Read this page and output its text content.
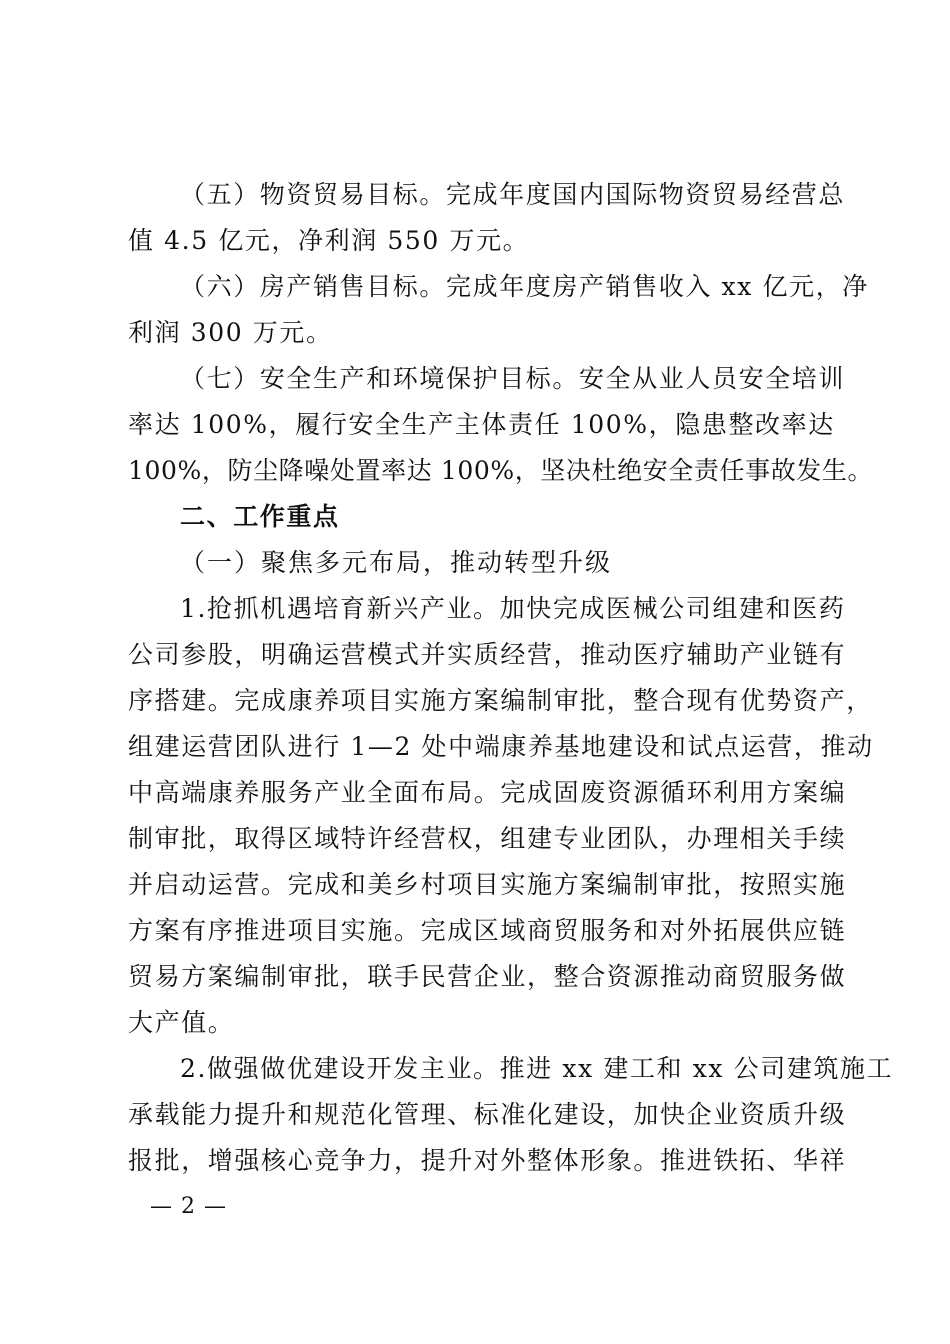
（五）物资贸易目标。完成年度国内国际物资贸易经营总
值 4.5 亿元，净利润 550 万元。
（六）房产销售目标。完成年度房产销售收入 xx 亿元，净
利润 300 万元。
（七）安全生产和环境保护目标。安全从业人员安全培训
率达 100%，履行安全生产主体责任 100%，隐患整改率达
100%，防尘降噪处置率达 100%，坚决杜绝安全责任事故发生。
二、工作重点
（一）聚焦多元布局，推动转型升级
1.抢抓机遇培育新兴产业。加快完成医械公司组建和医药
公司参股，明确运营模式并实质经营，推动医疗辅助产业链有
序搭建。完成康养项目实施方案编制审批，整合现有优势资产，
组建运营团队进行 1—2 处中端康养基地建设和试点运营，推动
中高端康养服务产业全面布局。完成固废资源循环利用方案编
制审批，取得区域特许经营权，组建专业团队，办理相关手续
并启动运营。完成和美乡村项目实施方案编制审批，按照实施
方案有序推进项目实施。完成区域商贸服务和对外拓展供应链
贸易方案编制审批，联手民营企业，整合资源推动商贸服务做
大产值。
2.做强做优建设开发主业。推进 xx 建工和 xx 公司建筑施工
承载能力提升和规范化管理、标准化建设，加快企业资质升级
报批，增强核心竞争力，提升对外整体形象。推进铁拓、华祥
— 2 —
